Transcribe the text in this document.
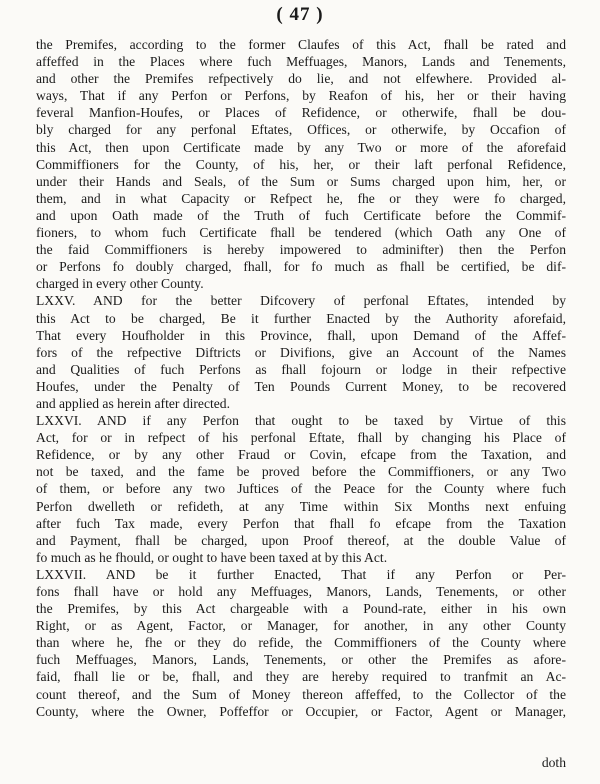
( 47 )
the Premifes, according to the former Claufes of this Act, fhall be rated and
affeffed in the Places where fuch Meffuages, Manors, Lands and Tenements,
and other the Premifes refpectively do lie, and not elfewhere. Provided al-
ways, That if any Perfon or Perfons, by Reafon of his, her or their having
feveral Manfion-Houfes, or Places of Refidence, or otherwife, fhall be dou-
bly charged for any perfonal Eftates, Offices, or otherwife, by Occafion of
this Act, then upon Certificate made by any Two or more of the aforefaid
Commiffioners for the County, of his, her, or their laft perfonal Refidence,
under their Hands and Seals, of the Sum or Sums charged upon him, her, or
them, and in what Capacity or Refpect he, fhe or they were fo charged,
and upon Oath made of the Truth of fuch Certificate before the Commif-
fioners, to whom fuch Certificate fhall be tendered (which Oath any One of
the faid Commiffioners is hereby impowered to adminifter) then the Perfon
or Perfons fo doubly charged, fhall, for fo much as fhall be certified, be dif-
charged in every other County.
LXXV. AND for the better Difcovery of perfonal Eftates, intended by
this Act to be charged, Be it further Enacted by the Authority aforefaid,
That every Houfholder in this Province, fhall, upon Demand of the Affef-
fors of the refpective Diftricts or Divifions, give an Account of the Names
and Qualities of fuch Perfons as fhall fojourn or lodge in their refpective
Houfes, under the Penalty of Ten Pounds Current Money, to be recovered
and applied as herein after directed.
LXXVI. AND if any Perfon that ought to be taxed by Virtue of this
Act, for or in refpect of his perfonal Eftate, fhall by changing his Place of
Refidence, or by any other Fraud or Covin, efcape from the Taxation, and
not be taxed, and the fame be proved before the Commiffioners, or any Two
of them, or before any two Juftices of the Peace for the County where fuch
Perfon dwelleth or refideth, at any Time within Six Months next enfuing
after fuch Tax made, every Perfon that fhall fo efcape from the Taxation
and Payment, fhall be charged, upon Proof thereof, at the double Value of
fo much as he fhould, or ought to have been taxed at by this Act.
LXXVII. AND be it further Enacted, That if any Perfon or Per-
fons fhall have or hold any Meffuages, Manors, Lands, Tenements, or other
the Premifes, by this Act chargeable with a Pound-rate, either in his own
Right, or as Agent, Factor, or Manager, for another, in any other County
than where he, fhe or they do refide, the Commiffioners of the County where
fuch Meffuages, Manors, Lands, Tenements, or other the Premifes as afore-
faid, fhall lie or be, fhall, and they are hereby required to tranfmit an Ac-
count thereof, and the Sum of Money thereon affeffed, to the Collector of the
County, where the Owner, Poffeffor or Occupier, or Factor, Agent or Manager,
doth
